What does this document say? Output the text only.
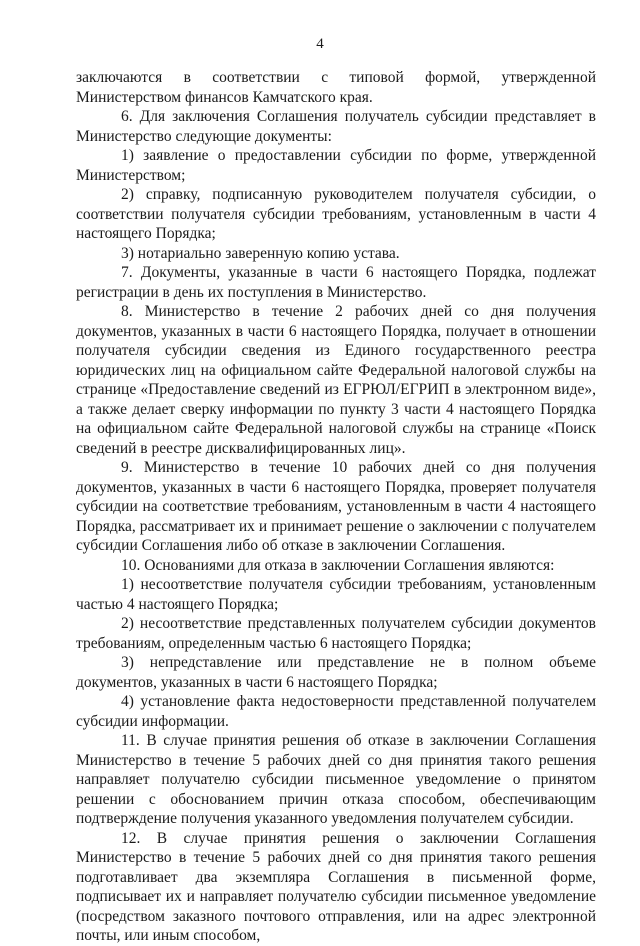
4

заключаются в соответствии с типовой формой, утвержденной Министерством финансов Камчатского края.

6. Для заключения Соглашения получатель субсидии представляет в Министерство следующие документы:

1) заявление о предоставлении субсидии по форме, утвержденной Министерством;

2) справку, подписанную руководителем получателя субсидии, о соответствии получателя субсидии требованиям, установленным в части 4 настоящего Порядка;

3) нотариально заверенную копию устава.

7. Документы, указанные в части 6 настоящего Порядка, подлежат регистрации в день их поступления в Министерство.

8. Министерство в течение 2 рабочих дней со дня получения документов, указанных в части 6 настоящего Порядка, получает в отношении получателя субсидии сведения из Единого государственного реестра юридических лиц на официальном сайте Федеральной налоговой службы на странице «Предоставление сведений из ЕГРЮЛ/ЕГРИП в электронном виде», а также делает сверку информации по пункту 3 части 4 настоящего Порядка на официальном сайте Федеральной налоговой службы на странице «Поиск сведений в реестре дисквалифицированных лиц».

9. Министерство в течение 10 рабочих дней со дня получения документов, указанных в части 6 настоящего Порядка, проверяет получателя субсидии на соответствие требованиям, установленным в части 4 настоящего Порядка, рассматривает их и принимает решение о заключении с получателем субсидии Соглашения либо об отказе в заключении Соглашения.

10. Основаниями для отказа в заключении Соглашения являются:

1) несоответствие получателя субсидии требованиям, установленным частью 4 настоящего Порядка;

2) несоответствие представленных получателем субсидии документов требованиям, определенным частью 6 настоящего Порядка;

3) непредставление или представление не в полном объеме документов, указанных в части 6 настоящего Порядка;

4) установление факта недостоверности представленной получателем субсидии информации.

11. В случае принятия решения об отказе в заключении Соглашения Министерство в течение 5 рабочих дней со дня принятия такого решения направляет получателю субсидии письменное уведомление о принятом решении с обоснованием причин отказа способом, обеспечивающим подтверждение получения указанного уведомления получателем субсидии.

12. В случае принятия решения о заключении Соглашения Министерство в течение 5 рабочих дней со дня принятия такого решения подготавливает два экземпляра Соглашения в письменной форме, подписывает их и направляет получателю субсидии письменное уведомление (посредством заказного почтового отправления, или на адрес электронной почты, или иным способом,
